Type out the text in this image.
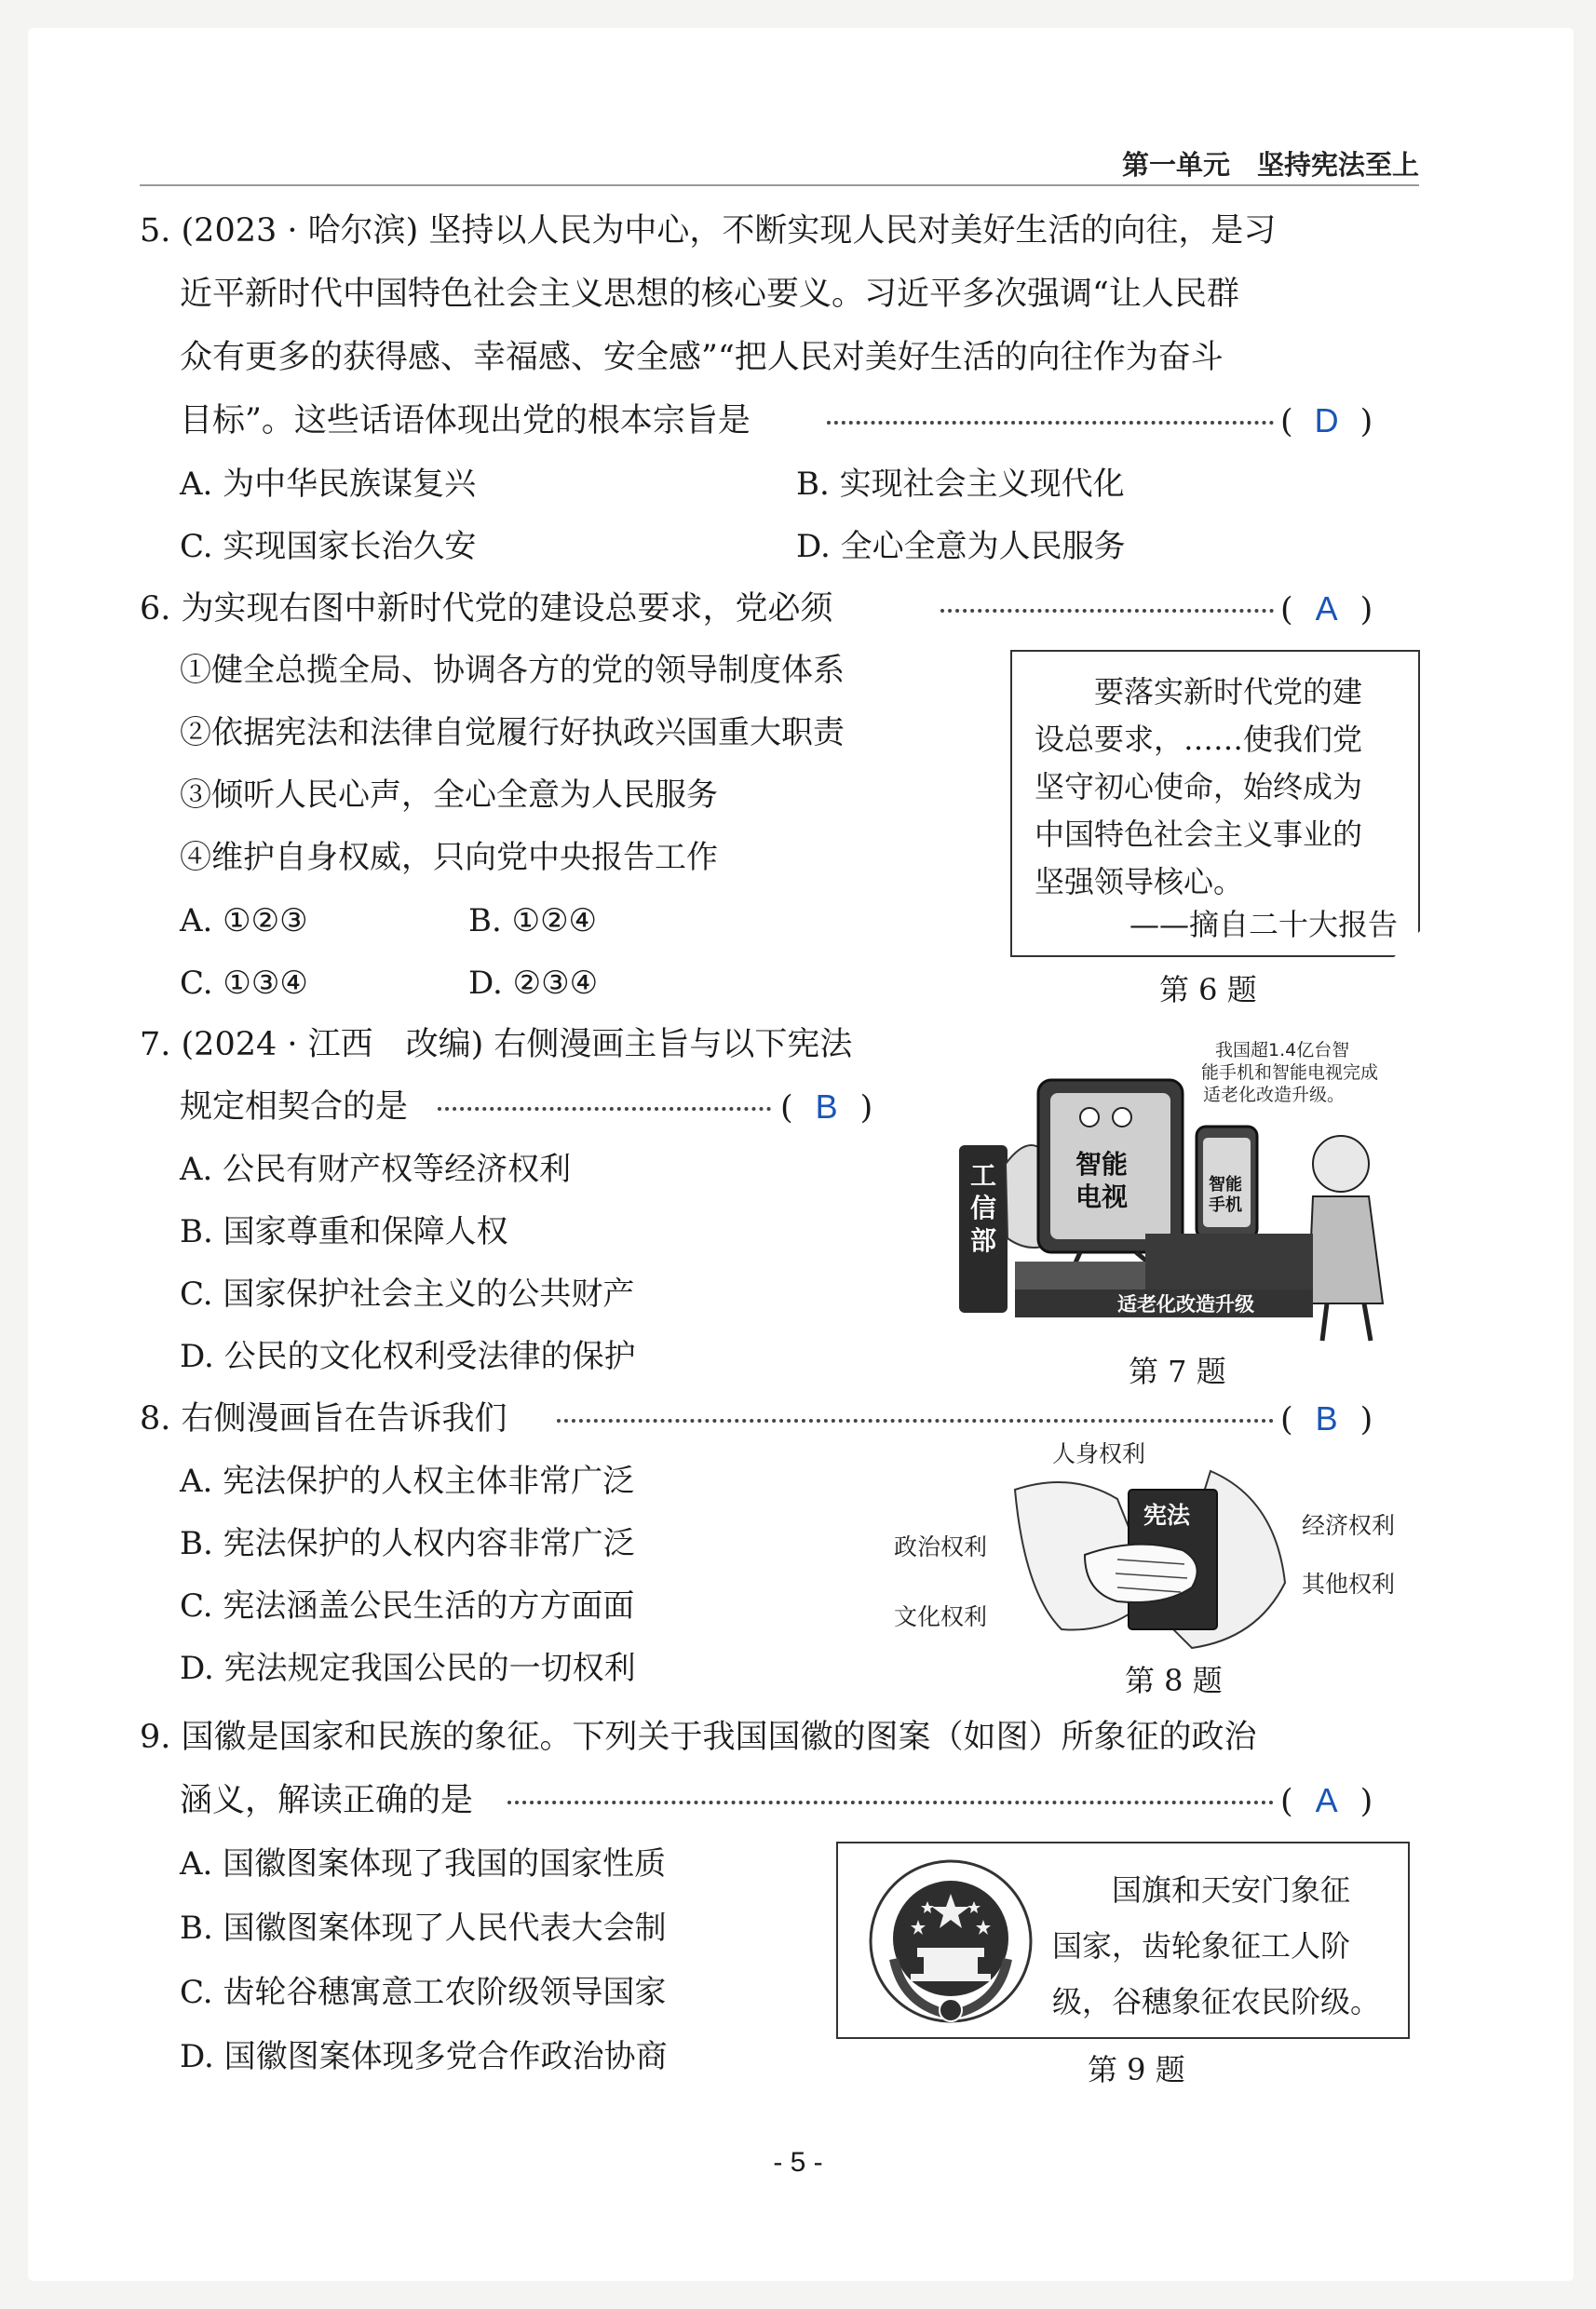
第一单元　 坚持宪法至上
5. (2023 · 哈尔滨) 坚持以人民为中心，不断实现人民对美好生活的向往，是习
近平新时代中国特色社会主义思想的核心要义。习近平多次强调“让人民群
众有更多的获得感、幸福感、安全感”“把人民对美好生活的向往作为奋斗
目标”。这些话语体现出党的根本宗旨是	( D )
A. 为中华民族谋复兴	B. 实现社会主义现代化
C. 实现国家长治久安	D. 全心全意为人民服务
6. 为实现右图中新时代党的建设总要求，党必须	( A )
①健全总揽全局、协调各方的党的领导制度体系
②依据宪法和法律自觉履行好执政兴国重大职责
③倾听人民心声，全心全意为人民服务
④维护自身权威，只向党中央报告工作
A. ①②③	B. ①②④
C. ①③④	D. ②③④
要落实新时代党的建
设总要求，……使我们党
坚守初心使命，始终成为
中国特色社会主义事业的
坚强领导核心。
——摘自二十大报告
第 6 题
7. (2024 · 江西　改编) 右侧漫画主旨与以下宪法
规定相契合的是	( B )
A. 公民有财产权等经济权利
B. 国家尊重和保障人权
C. 国家保护社会主义的公共财产
D. 公民的文化权利受法律的保护
我国超1.4亿台智
能手机和智能电视完成
适老化改造升级。
工
信
部
智能
电视	智能
手机
适老化改造升级
第 7 题
8. 右侧漫画旨在告诉我们	( B )
A. 宪法保护的人权主体非常广泛
B. 宪法保护的人权内容非常广泛
C. 宪法涵盖公民生活的方方面面
D. 宪法规定我国公民的一切权利
人身权利
政治权利
文化权利
经济权利
其他权利
宪法
第 8 题
9. 国徽是国家和民族的象征。下列关于我国国徽的图案（如图）所象征的政治
涵义，解读正确的是	( A )
A. 国徽图案体现了我国的国家性质
B. 国徽图案体现了人民代表大会制
C. 齿轮谷穗寓意工农阶级领导国家
D. 国徽图案体现多党合作政治协商
国旗和天安门象征
国家，齿轮象征工人阶
级，谷穗象征农民阶级。
第 9 题
- 5 -
